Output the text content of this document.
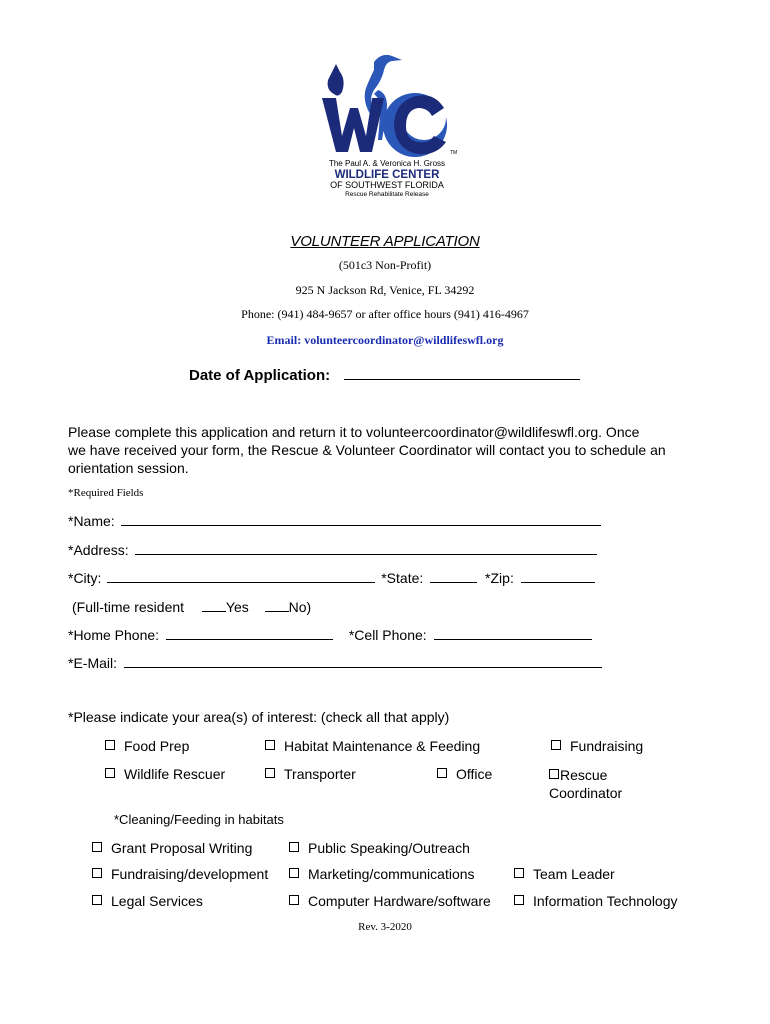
TM
The Paul A. & Veronica H. Gross
WILDLIFE CENTER
OF SOUTHWEST FLORIDA
Rescue Rehabilitate Release
VOLUNTEER APPLICATION
(501c3 Non-Profit)
925 N Jackson Rd, Venice, FL 34292
Phone: (941) 484-9657 or after office hours (941) 416-4967
Email: volunteercoordinator@wildlifeswfl.org
Date of Application:
Please complete this application and return it to volunteercoordinator@wildlifeswfl.org. Once
we have received your form, the Rescue & Volunteer Coordinator will contact you to schedule an
orientation session.
*Required Fields
*Name:
*Address:
*City:	*State:	*Zip:
(Full-time resident	Yes	No)
*Home Phone:	*Cell Phone:
*E-Mail:
*Please indicate your area(s) of interest: (check all that apply)
Food Prep	Habitat Maintenance & Feeding	Fundraising
Wildlife Rescuer	Transporter	Office	Rescue
Coordinator
*Cleaning/Feeding in habitats
Grant Proposal Writing	Public Speaking/Outreach
Fundraising/development	Marketing/communications	Team Leader
Legal Services	Computer Hardware/software	Information Technology
Rev. 3-2020
